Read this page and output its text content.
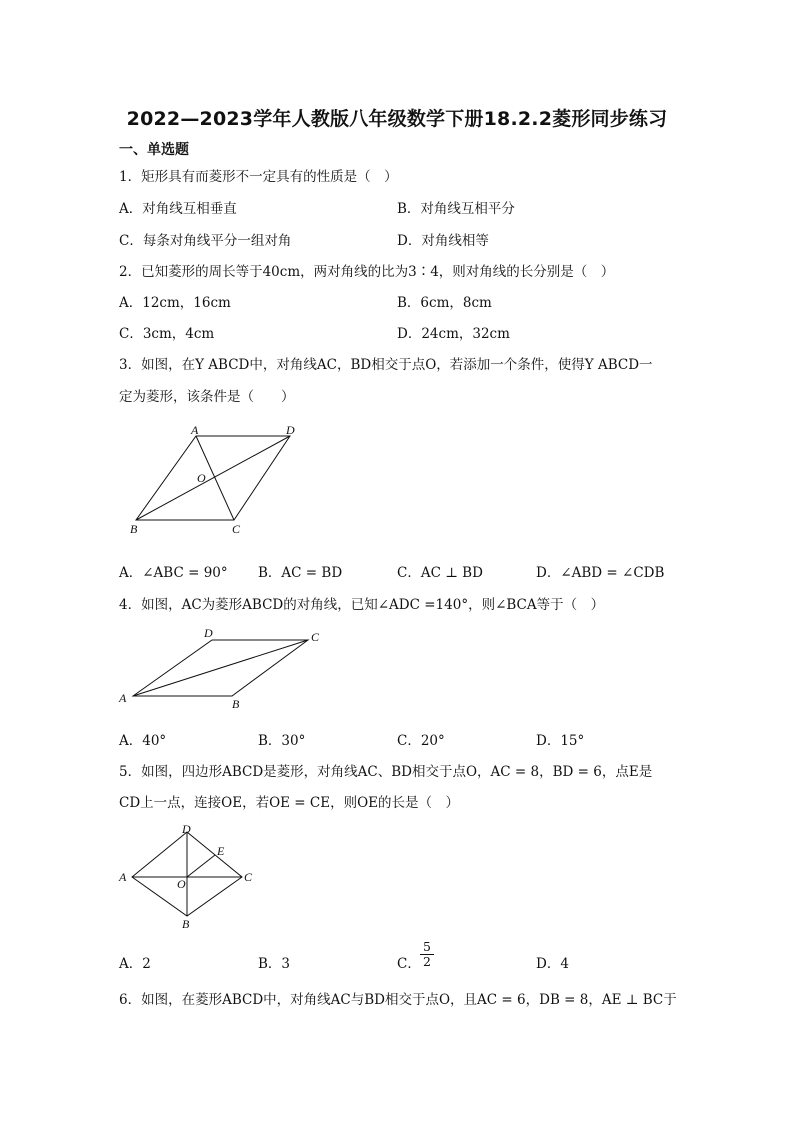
2022—2023学年人教版八年级数学下册18.2.2菱形同步练习
一、单选题
1．矩形具有而菱形不一定具有的性质是（　）
A．对角线互相垂直	B．对角线互相平分
C．每条对角线平分一组对角	D．对角线相等
2．已知菱形的周长等于40cm，两对角线的比为3∶4，则对角线的长分别是（　）
A．12cm，16cm	B．6cm，8cm
C．3cm，4cm	D．24cm，32cm
3．如图，在Y ABCD中，对角线AC，BD相交于点O，若添加一个条件，使得Y ABCD一
定为菱形，该条件是（　　）
A	D
O
B	C
A．∠ABC = 90° B．AC = BD	C．AC ⊥ BD	D．∠ABD = ∠CDB
4．如图，AC为菱形ABCD的对角线，已知∠ADC =140°，则∠BCA等于（　）
D	C
A	B
A．40°	B．30°	C．20°	D．15°
5．如图，四边形ABCD是菱形，对角线AC、BD相交于点O，AC = 8，BD = 6，点E是
CD上一点，连接OE，若OE = CE，则OE的长是（　）
D
E
A	C
O
B
A．2	B．3	C． $\frac{5}{2}$	D．4
6．如图，在菱形ABCD中，对角线AC与BD相交于点O，且AC = 6，DB = 8，AE ⊥ BC于
